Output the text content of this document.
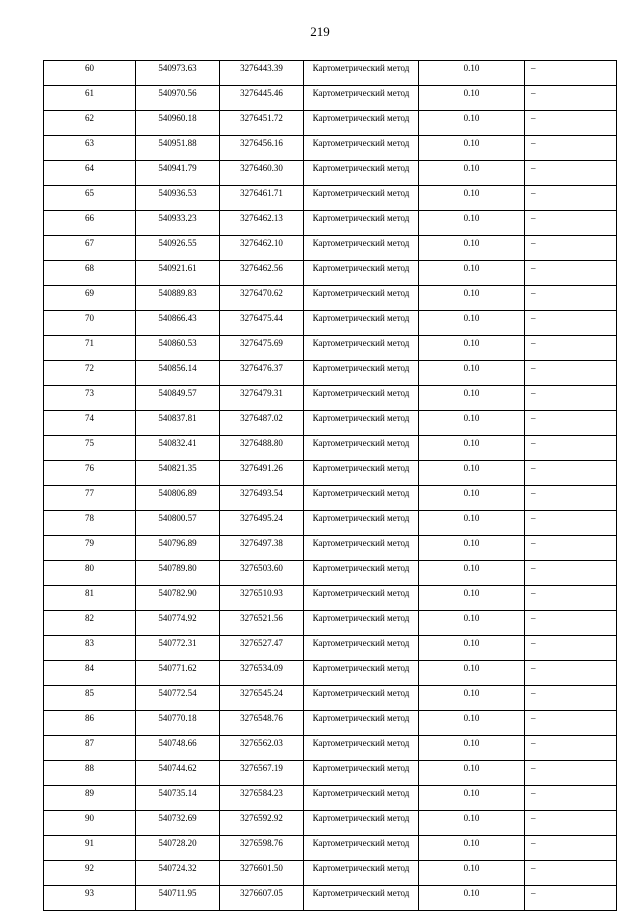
219
60	540973.63	3276443.39	Картометрический метод	0.10	–
61	540970.56	3276445.46	Картометрический метод	0.10	–
62	540960.18	3276451.72	Картометрический метод	0.10	–
63	540951.88	3276456.16	Картометрический метод	0.10	–
64	540941.79	3276460.30	Картометрический метод	0.10	–
65	540936.53	3276461.71	Картометрический метод	0.10	–
66	540933.23	3276462.13	Картометрический метод	0.10	–
67	540926.55	3276462.10	Картометрический метод	0.10	–
68	540921.61	3276462.56	Картометрический метод	0.10	–
69	540889.83	3276470.62	Картометрический метод	0.10	–
70	540866.43	3276475.44	Картометрический метод	0.10	–
71	540860.53	3276475.69	Картометрический метод	0.10	–
72	540856.14	3276476.37	Картометрический метод	0.10	–
73	540849.57	3276479.31	Картометрический метод	0.10	–
74	540837.81	3276487.02	Картометрический метод	0.10	–
75	540832.41	3276488.80	Картометрический метод	0.10	–
76	540821.35	3276491.26	Картометрический метод	0.10	–
77	540806.89	3276493.54	Картометрический метод	0.10	–
78	540800.57	3276495.24	Картометрический метод	0.10	–
79	540796.89	3276497.38	Картометрический метод	0.10	–
80	540789.80	3276503.60	Картометрический метод	0.10	–
81	540782.90	3276510.93	Картометрический метод	0.10	–
82	540774.92	3276521.56	Картометрический метод	0.10	–
83	540772.31	3276527.47	Картометрический метод	0.10	–
84	540771.62	3276534.09	Картометрический метод	0.10	–
85	540772.54	3276545.24	Картометрический метод	0.10	–
86	540770.18	3276548.76	Картометрический метод	0.10	–
87	540748.66	3276562.03	Картометрический метод	0.10	–
88	540744.62	3276567.19	Картометрический метод	0.10	–
89	540735.14	3276584.23	Картометрический метод	0.10	–
90	540732.69	3276592.92	Картометрический метод	0.10	–
91	540728.20	3276598.76	Картометрический метод	0.10	–
92	540724.32	3276601.50	Картометрический метод	0.10	–
93	540711.95	3276607.05	Картометрический метод	0.10	–
